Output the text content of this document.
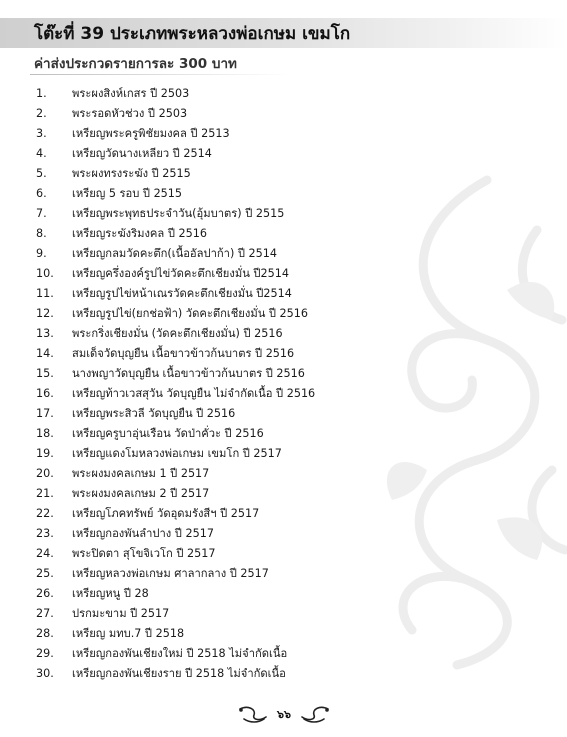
โต๊ะที่ 39 ประเภทพระหลวงพ่อเกษม เขมโก
ค่าส่งประกวดรายการละ 300 บาท
1. พระผงสิงห์เกสร ปี 2503
2. พระรอดหัวช่วง ปี 2503
3. เหรียญพระครูพิชัยมงคล ปี 2513
4. เหรียญวัดนางเหลียว ปี 2514
5. พระผงทรงระฆัง ปี 2515
6. เหรียญ 5 รอบ ปี 2515
7. เหรียญพระพุทธประจำวัน(อุ้มบาตร) ปี 2515
8. เหรียญระฆังริมงคล ปี 2516
9. เหรียญกลมวัดคะตึก(เนื้ออัลปาก้า) ปี 2514
10. เหรียญครึ่งองค์รูปไข่วัดคะตึกเชียงมั่น ปี2514
11. เหรียญรูปไข่หน้าเณรวัดคะตึกเชียงมั่น ปี2514
12. เหรียญรูปไข่(ยกช่อฟ้า) วัดคะตึกเชียงมั่น ปี 2516
13. พระกริ่งเชียงมั่น (วัดคะตึกเชียงมั่น) ปี 2516
14. สมเด็จวัดบุญยืน เนื้อขาวข้าวก้นบาตร ปี 2516
15. นางพญาวัดบุญยืน เนื้อขาวข้าวก้นบาตร ปี 2516
16. เหรียญท้าวเวสสุวัน วัดบุญยืน ไม่จำกัดเนื้อ ปี 2516
17. เหรียญพระสิวลี วัดบุญยืน ปี 2516
18. เหรียญครูบาอุ่นเรือน วัดป่าคั่วะ ปี 2516
19. เหรียญแดงโมหลวงพ่อเกษม เขมโก ปี 2517
20. พระผงมงคลเกษม 1 ปี 2517
21. พระผงมงคลเกษม 2 ปี 2517
22. เหรียญโภคทรัพย์ วัดอุดมรังสีฯ ปี 2517
23. เหรียญกองพันลำปาง ปี 2517
24. พระปิดตา สุโขจิเวโก ปี 2517
25. เหรียญหลวงพ่อเกษม ศาลากลาง ปี 2517
26. เหรียญหนู ปี 28
27. ปรกมะขาม ปี 2517
28. เหรียญ มทบ.7 ปี 2518
29. เหรียญกองพันเชียงใหม่ ปี 2518 ไม่จำกัดเนื้อ
30. เหรียญกองพันเชียงราย ปี 2518 ไม่จำกัดเนื้อ
๖๖
